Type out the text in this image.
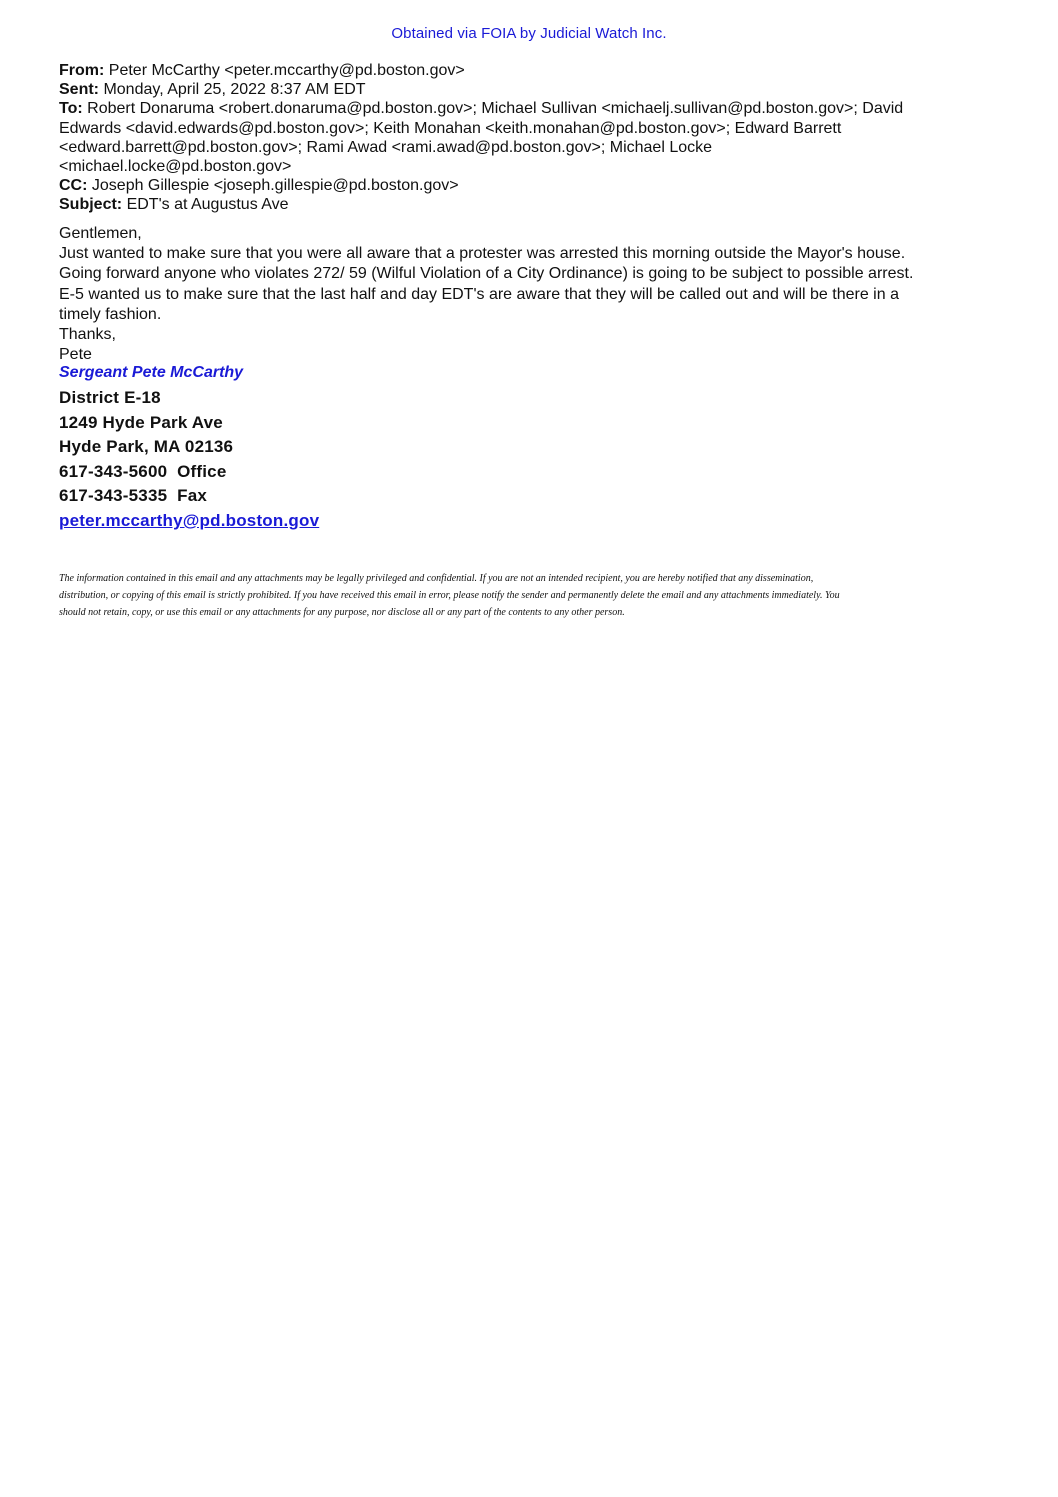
Obtained via FOIA by Judicial Watch Inc.
From: Peter McCarthy <peter.mccarthy@pd.boston.gov>
Sent: Monday, April 25, 2022 8:37 AM EDT
To: Robert Donaruma <robert.donaruma@pd.boston.gov>; Michael Sullivan <michaelj.sullivan@pd.boston.gov>; David
Edwards <david.edwards@pd.boston.gov>; Keith Monahan <keith.monahan@pd.boston.gov>; Edward Barrett
<edward.barrett@pd.boston.gov>; Rami Awad <rami.awad@pd.boston.gov>; Michael Locke
<michael.locke@pd.boston.gov>
CC: Joseph Gillespie <joseph.gillespie@pd.boston.gov>
Subject: EDT's at Augustus Ave

Gentlemen,

Just wanted to make sure that you were all aware that a protester was arrested this morning outside the Mayor's house.

Going forward anyone who violates 272/ 59 (Wilful Violation of a City Ordinance) is going to be subject to possible arrest.

E-5 wanted us to make sure that the last half and day EDT's are aware that they will be called out and will be there in a

timely fashion.

Thanks,

Pete

Sergeant Pete McCarthy
District E-18
1249 Hyde Park Ave
Hyde Park, MA 02136
617-343-5600  Office
617-343-5335  Fax
peter.mccarthy@pd.boston.gov
The information contained in this email and any attachments may be legally privileged and confidential. If you are not an intended recipient, you are hereby notified that any dissemination,
distribution, or copying of this email is strictly prohibited. If you have received this email in error, please notify the sender and permanently delete the email and any attachments immediately. You
should not retain, copy, or use this email or any attachments for any purpose, nor disclose all or any part of the contents to any other person.
